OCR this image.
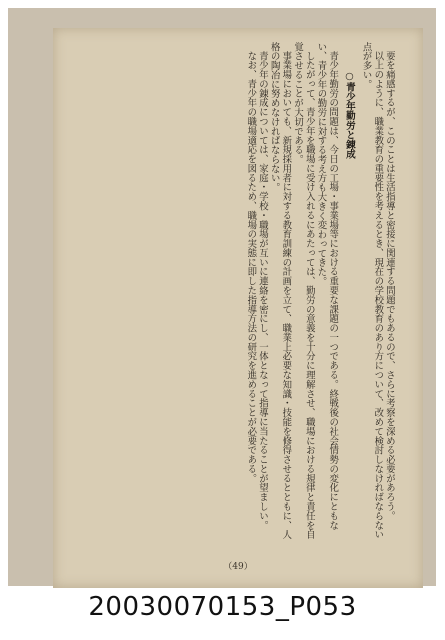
要を痛感するが、このことは生活指導と密接に関連する問題でもあるので、さらに考察を深める必要があろう。

以上のように、職業教育の重要性を考えるとき、現在の学校教育のあり方について、改めて検討しなければならない点が多い。

○青少年勤労と錬成

青少年勤労の問題は、今日の工場・事業場等における重要な課題の一つである。終戦後の社会情勢の変化にともない、青少年の勤労に対する考え方も大きく変わってきた。

したがって、青少年を職場に受け入れるにあたっては、勤労の意義を十分に理解させ、職場における規律と責任を自覚させることが大切である。

事業場においても、新規採用者に対する教育訓練の計画を立て、職業上必要な知識・技能を修得させるとともに、人格の陶冶に努めなければならない。

青少年の錬成については、家庭・学校・職場が互いに連絡を密にし、一体となって指導に当たることが望ましい。

なお、青少年の職場適応を図るため、職場の実態に即した指導方法の研究を進めることが必要である。

（49）
20030070153_P053
